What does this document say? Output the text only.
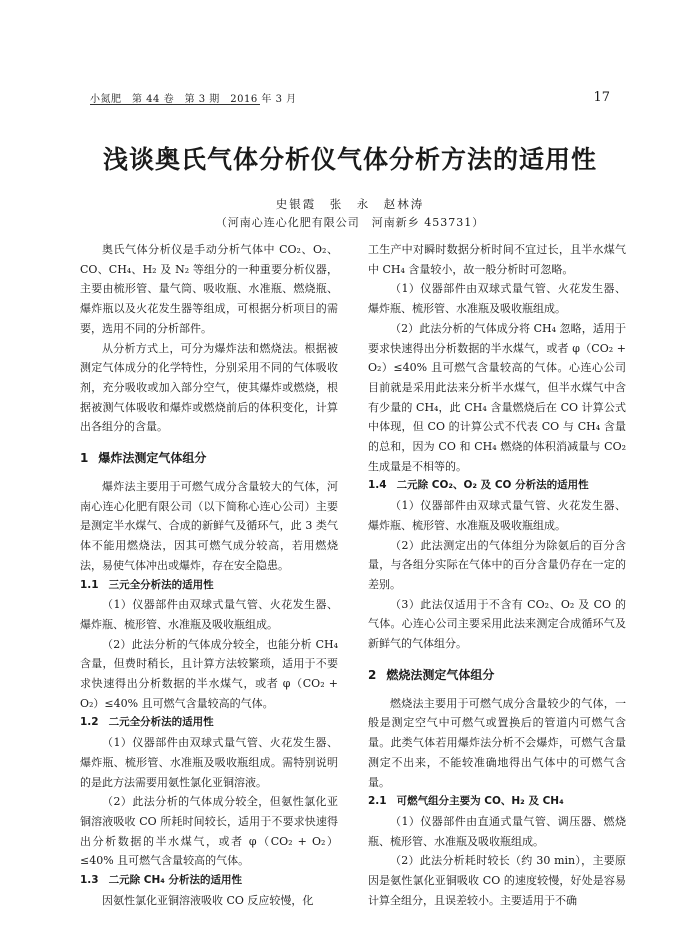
小氮肥　第 44 卷　第 3 期　2016 年 3 月	17
浅谈奥氏气体分析仪气体分析方法的适用性
史银霞　张　永　赵林涛
（河南心连心化肥有限公司　河南新乡 453731）

奥氏气体分析仪是手动分析气体中 CO₂、O₂、CO、CH₄、H₂ 及 N₂ 等组分的一种重要分析仪器，主要由梳形管、量气筒、吸收瓶、水准瓶、燃烧瓶、爆炸瓶以及火花发生器等组成，可根据分析项目的需要，选用不同的分析部件。

从分析方式上，可分为爆炸法和燃烧法。根据被测定气体成分的化学特性，分别采用不同的气体吸收剂，充分吸收或加入部分空气，使其爆炸或燃烧，根据被测气体吸收和爆炸或燃烧前后的体积变化，计算出各组分的含量。

1 爆炸法测定气体组分

爆炸法主要用于可燃气成分含量较大的气体，河南心连心化肥有限公司（以下简称心连心公司）主要是测定半水煤气、合成的新鲜气及循环气，此 3 类气体不能用燃烧法，因其可燃气成分较高，若用燃烧法，易使气体冲出或爆炸，存在安全隐患。

1.1 三元全分析法的适用性

（1）仪器部件由双球式量气管、火花发生器、爆炸瓶、梳形管、水准瓶及吸收瓶组成。

（2）此法分析的气体成分较全，也能分析 CH₄ 含量，但费时稍长，且计算方法较繁琐，适用于不要求快速得出分析数据的半水煤气，或者 φ（CO₂ + O₂）≤40% 且可燃气含量较高的气体。

1.2 二元全分析法的适用性

（1）仪器部件由双球式量气管、火花发生器、爆炸瓶、梳形管、水准瓶及吸收瓶组成。需特别说明的是此方法需要用氨性氯化亚铜溶液。

（2）此法分析的气体成分较全，但氨性氯化亚铜溶液吸收 CO 所耗时间较长，适用于不要求快速得出分析数据的半水煤气，或者 φ（CO₂ + O₂）≤40% 且可燃气含量较高的气体。

1.3 二元除 CH₄ 分析法的适用性

因氨性氯化亚铜溶液吸收 CO 反应较慢，化

工生产中对瞬时数据分析时间不宜过长，且半水煤气中 CH₄ 含量较小，故一般分析时可忽略。

（1）仪器部件由双球式量气管、火花发生器、爆炸瓶、梳形管、水准瓶及吸收瓶组成。

（2）此法分析的气体成分将 CH₄ 忽略，适用于要求快速得出分析数据的半水煤气，或者 φ（CO₂ + O₂）≤40% 且可燃气含量较高的气体。心连心公司目前就是采用此法来分析半水煤气，但半水煤气中含有少量的 CH₄，此 CH₄ 含量燃烧后在 CO 计算公式中体现，但 CO 的计算公式不代表 CO 与 CH₄ 含量的总和，因为 CO 和 CH₄ 燃烧的体积消减量与 CO₂ 生成量是不相等的。

1.4 二元除 CO₂、O₂ 及 CO 分析法的适用性

（1）仪器部件由双球式量气管、火花发生器、爆炸瓶、梳形管、水准瓶及吸收瓶组成。

（2）此法测定出的气体组分为除氨后的百分含量，与各组分实际在气体中的百分含量仍存在一定的差别。

（3）此法仅适用于不含有 CO₂、O₂ 及 CO 的气体。心连心公司主要采用此法来测定合成循环气及新鲜气的气体组分。

2 燃烧法测定气体组分

燃烧法主要用于可燃气成分含量较少的气体，一般是测定空气中可燃气或置换后的管道内可燃气含量。此类气体若用爆炸法分析不会爆炸，可燃气含量测定不出来，不能较准确地得出气体中的可燃气含量。

2.1 可燃气组分主要为 CO、H₂ 及 CH₄

（1）仪器部件由直通式量气管、调压器、燃烧瓶、梳形管、水准瓶及吸收瓶组成。

（2）此法分析耗时较长（约 30 min），主要原因是氨性氯化亚铜吸收 CO 的速度较慢，好处是容易计算全组分，且误差较小。主要适用于不确
